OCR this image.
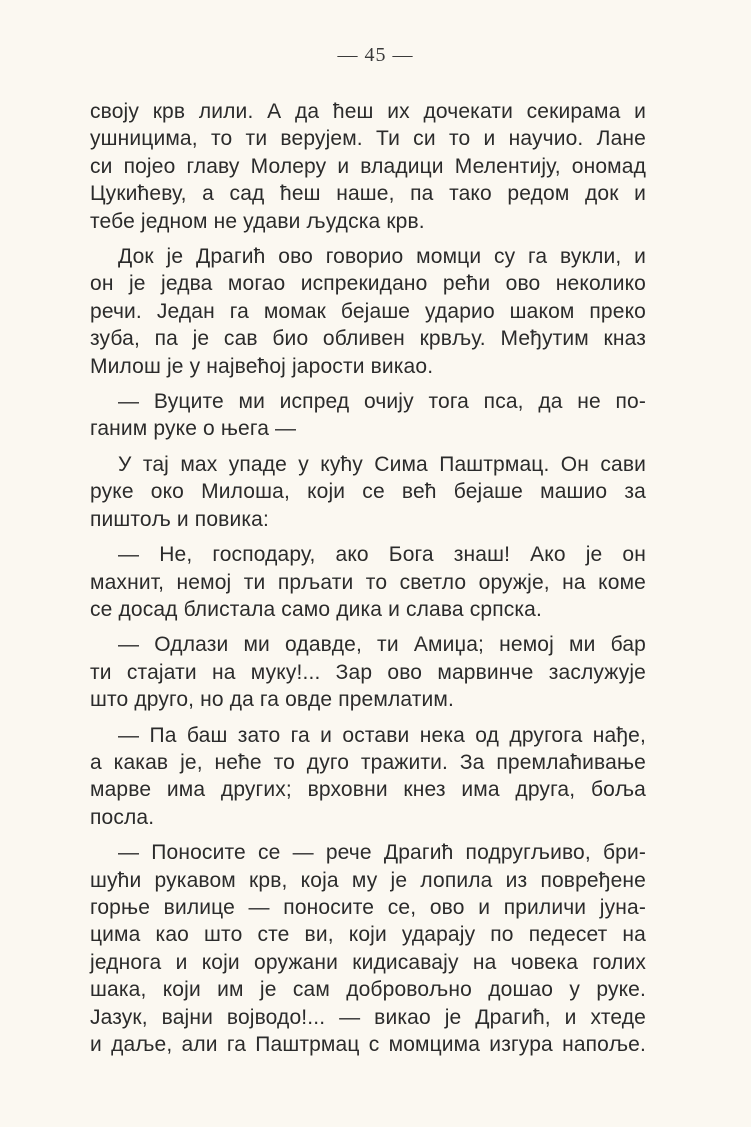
— 45 —

своју крв лили. А да ћеш их дочекати секирама и
ушницима, то ти верујем. Ти си то и научио. Лане
си појео главу Молеру и владици Мелентију, ономад
Цукићеву, а сад ћеш наше, па тако редом док и
тебе једном не удави људска крв.

Док је Драгић ово говорио момци су га вукли, и
он је једва могао испрекидано рећи ово неколико
речи. Један га момак бејаше ударио шаком преко
зуба, па је сав био обливен крвљу. Међутим кназ
Милош је у највећој јарости викао.

— Вуците ми испред очију тога пса, да не по-
ганим руке о њега —

У тај мах упаде у кућу Сима Паштрмац. Он сави
руке око Милоша, који се већ бејаше машио за
пиштољ и повика:

— Не, господару, ако Бога знаш! Ако је он
махнит, немој ти прљати то светло оружје, на коме
се досад блистала само дика и слава српска.

— Одлази ми одавде, ти Амиџа; немој ми бар
ти стајати на муку!... Зар ово марвинче заслужује
што друго, но да га овде премлатим.

— Па баш зато га и остави нека од другога нађе,
а какав је, неће то дуго тражити. За премлаћивање
марве има других; врховни кнез има друга, боља
посла.

— Поносите се — рече Драгић подругљиво, бри-
шући рукавом крв, која му је лопила из повређене
горње вилице — поносите се, ово и приличи јуна-
цима као што сте ви, који ударају по педесет на
једнога и који оружани кидисавају на човека голих
шака, који им је сам добровољно дошао у руке.
Јазук, вајни војводо!... — викао је Драгић, и хтеде
и даље, али га Паштрмац с момцима изгура напоље.
